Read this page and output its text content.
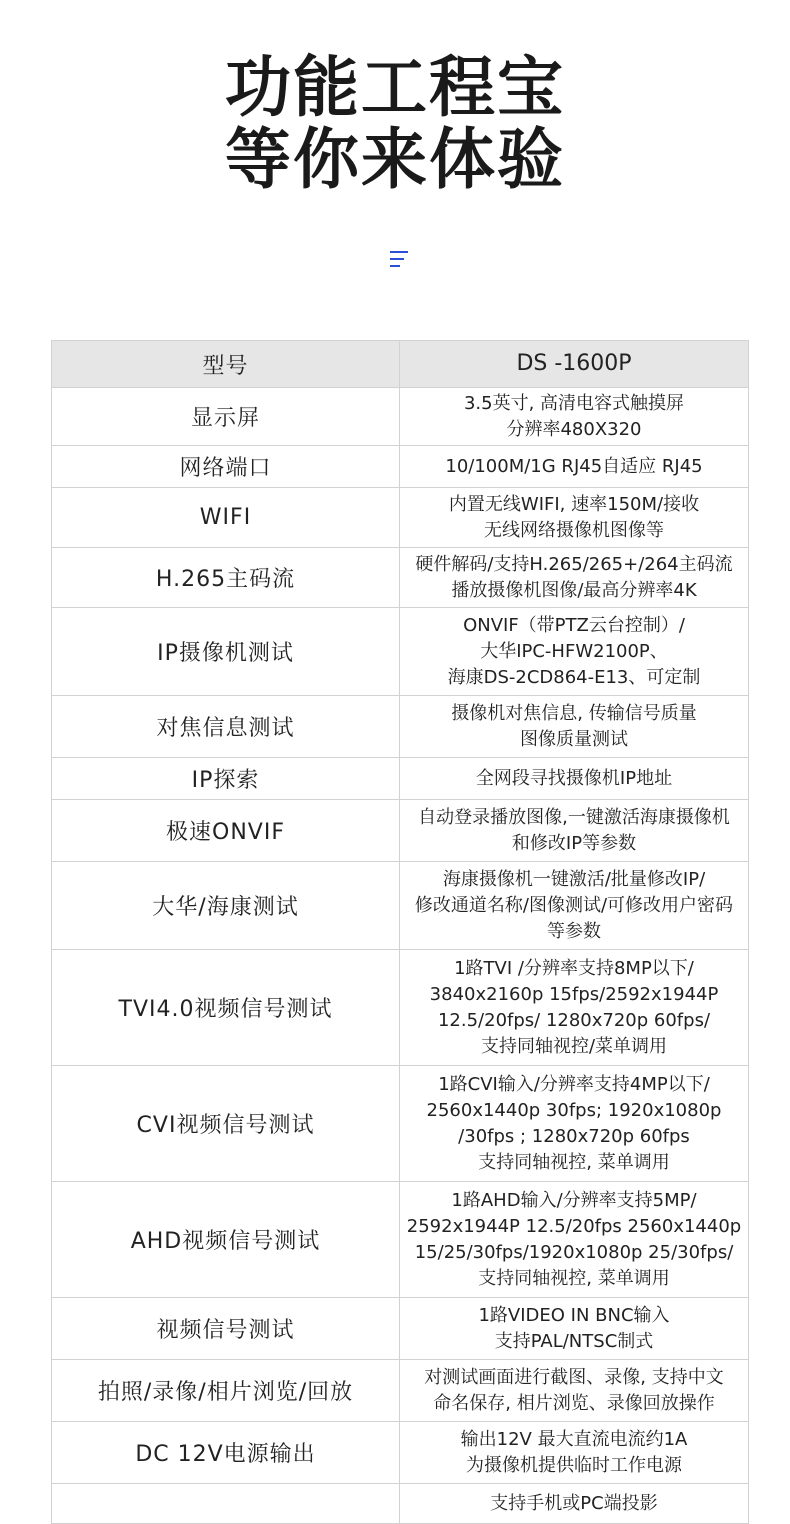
功能工程宝
等你来体验
型号	DS -1600P
显示屏	3.5英寸, 高清电容式触摸屏
分辨率480X320
网络端口	10/100M/1G RJ45自适应 RJ45
WIFI	内置无线WIFI, 速率150M/接收
无线网络摄像机图像等
H.265主码流	硬件解码/支持H.265/265+/264主码流
播放摄像机图像/最高分辨率4K
IP摄像机测试	ONVIF（带PTZ云台控制）/
大华IPC-HFW2100P、
海康DS-2CD864-E13、可定制
对焦信息测试	摄像机对焦信息, 传输信号质量
图像质量测试
IP探索	全网段寻找摄像机IP地址
极速ONVIF	自动登录播放图像,一键激活海康摄像机
和修改IP等参数
大华/海康测试	海康摄像机一键激活/批量修改IP/
修改通道名称/图像测试/可修改用户密码
等参数
TVI4.0视频信号测试	1路TVI /分辨率支持8MP以下/
3840x2160p 15fps/2592x1944P
12.5/20fps/ 1280x720p 60fps/
支持同轴视控/菜单调用
CVI视频信号测试	1路CVI输入/分辨率支持4MP以下/
2560x1440p 30fps; 1920x1080p
/30fps ; 1280x720p 60fps
支持同轴视控, 菜单调用
AHD视频信号测试	1路AHD输入/分辨率支持5MP/
2592x1944P 12.5/20fps 2560x1440p
15/25/30fps/1920x1080p 25/30fps/
支持同轴视控, 菜单调用
视频信号测试	1路VIDEO IN BNC输入
支持PAL/NTSC制式
拍照/录像/相片浏览/回放	对测试画面进行截图、录像, 支持中文
命名保存, 相片浏览、录像回放操作
DC 12V电源输出	输出12V 最大直流电流约1A
为摄像机提供临时工作电源
	支持手机或PC端投影
